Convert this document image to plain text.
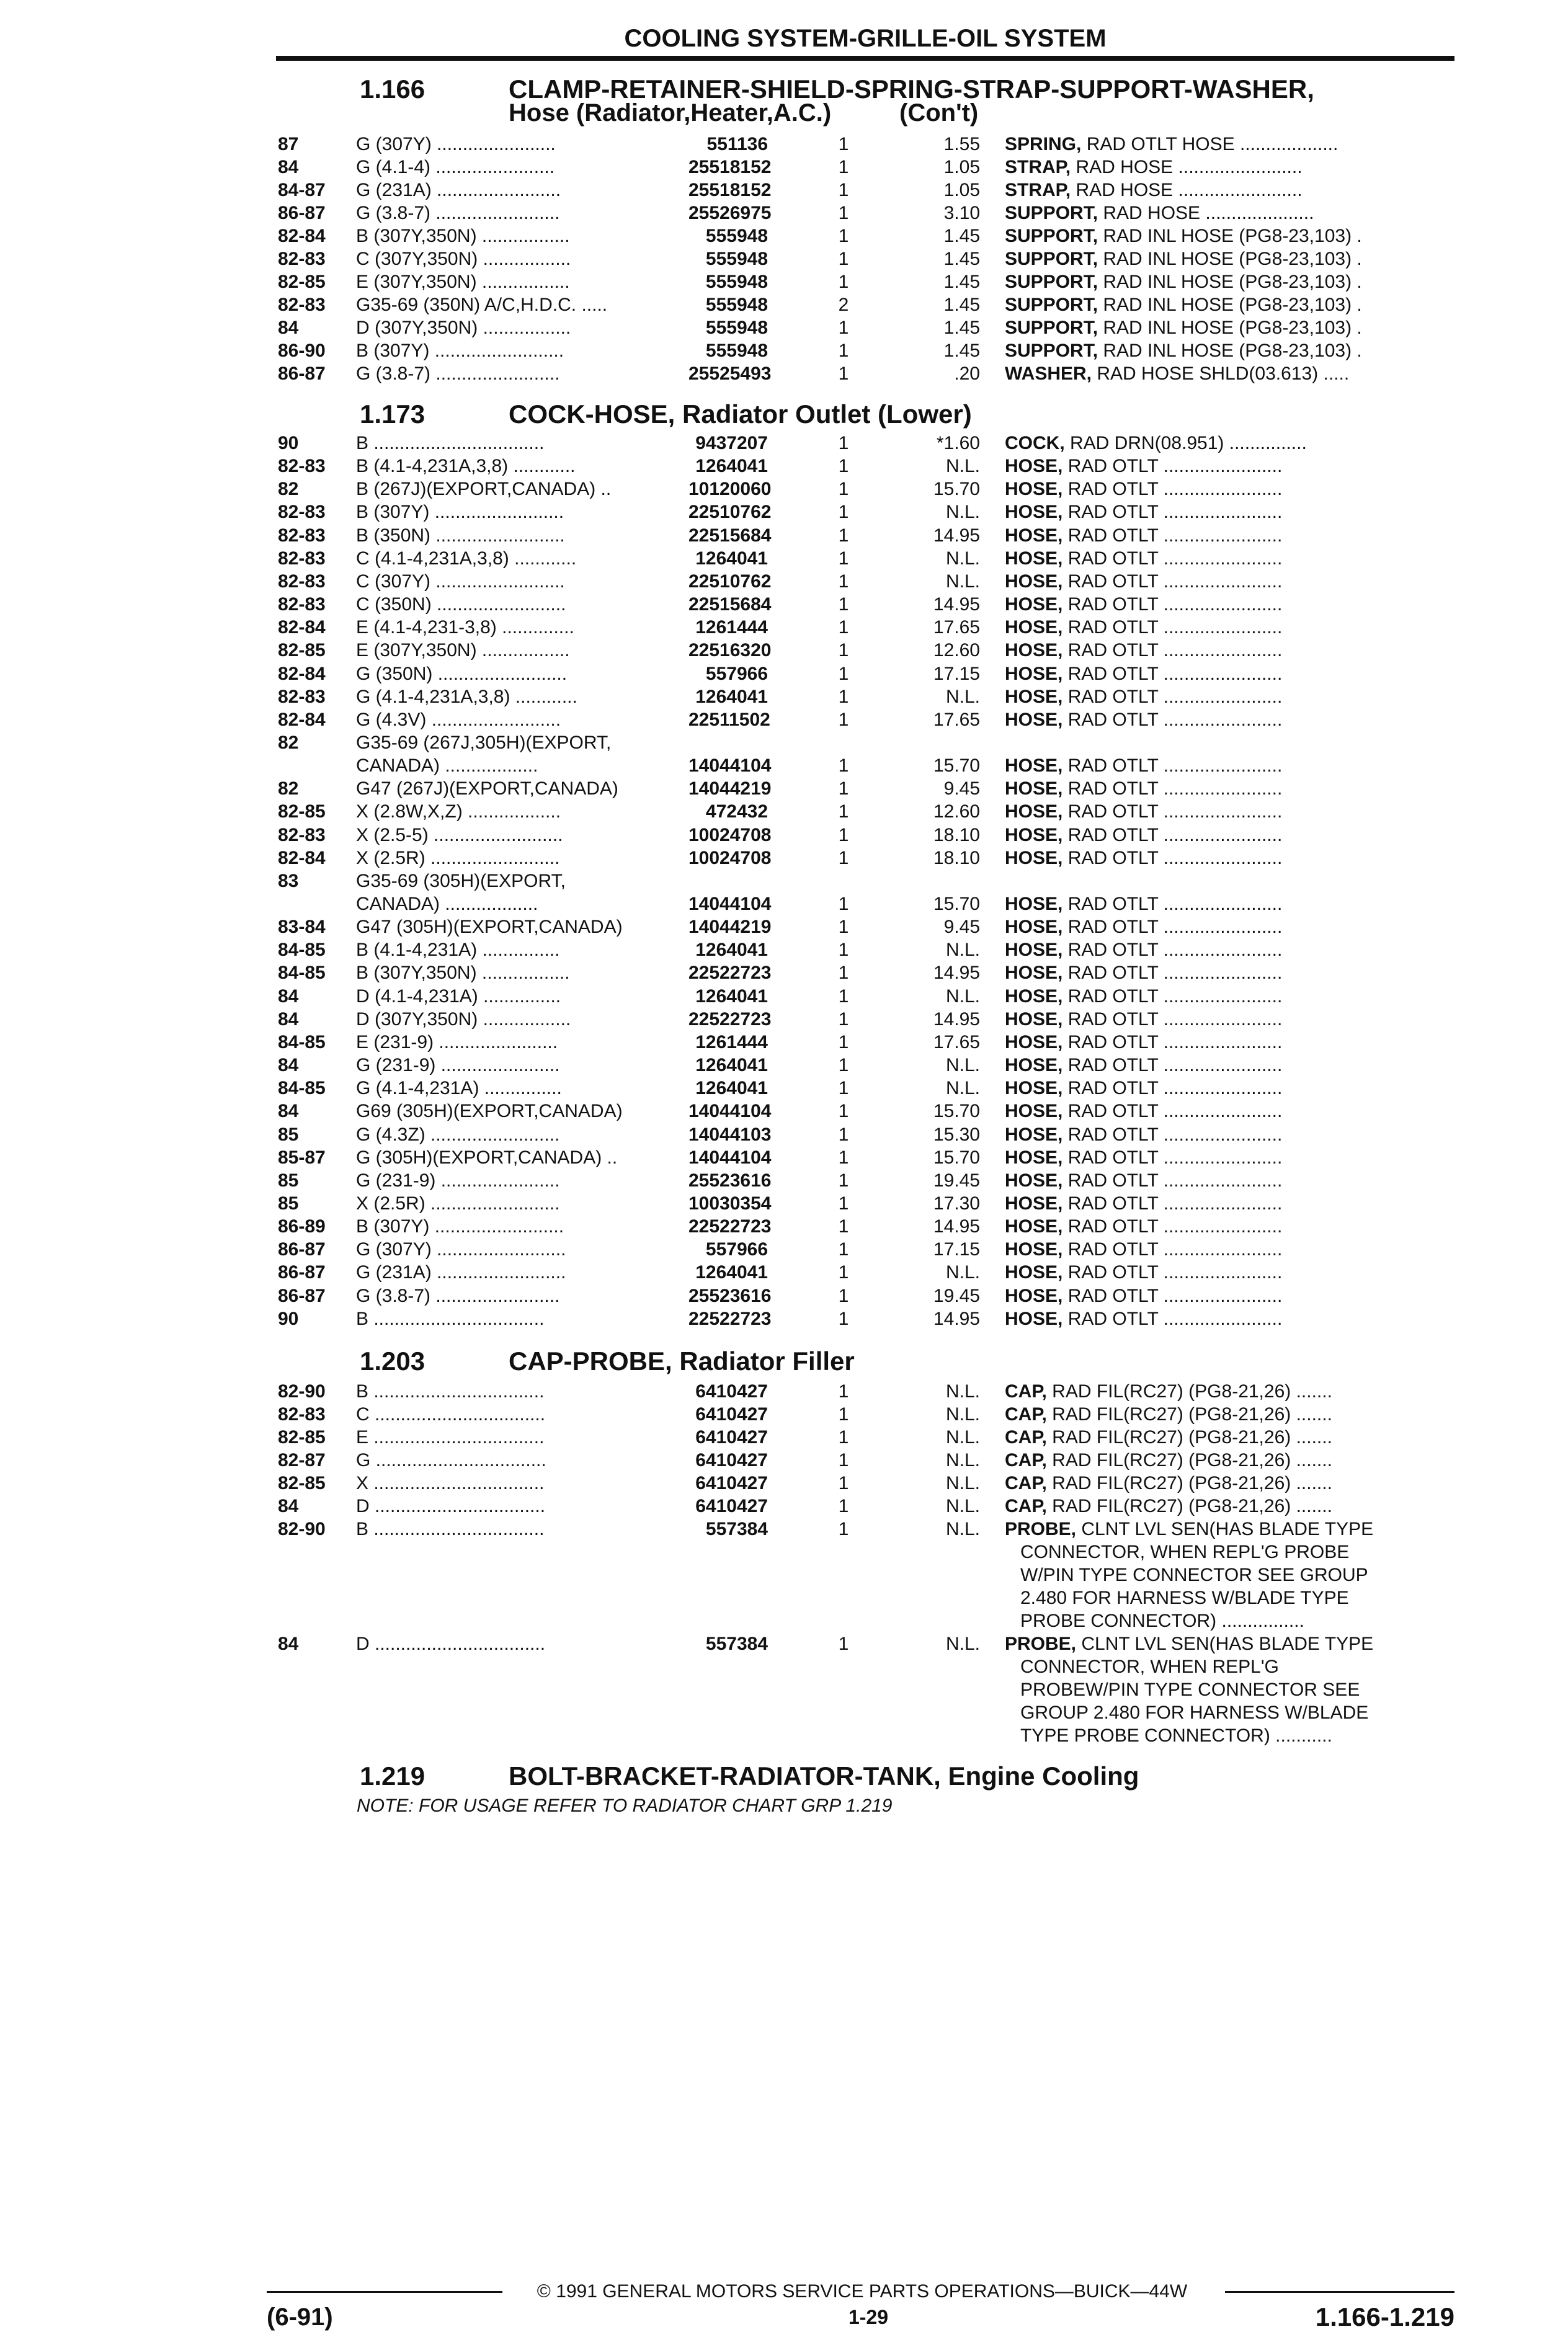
COOLING SYSTEM-GRILLE-OIL SYSTEM
1.166	CLAMP-RETAINER-SHIELD-SPRING-STRAP-SUPPORT-WASHER,
Hose (Radiator,Heater,A.C.)	(Con't)
87	G (307Y) .......................	551136	1	1.55 SPRING, RAD OTLT HOSE ...................
84	G (4.1-4) .......................	25518152	1	1.05 STRAP, RAD HOSE ........................
84-87 G (231A) ........................	25518152	1	1.05 STRAP, RAD HOSE ........................
86-87 G (3.8-7) ........................	25526975	1	3.10 SUPPORT, RAD HOSE .....................
82-84 B (307Y,350N) .................	555948	1	1.45 SUPPORT, RAD INL HOSE (PG8-23,103) .
82-83 C (307Y,350N) .................	555948	1	1.45 SUPPORT, RAD INL HOSE (PG8-23,103) .
82-85 E (307Y,350N) .................	555948	1	1.45 SUPPORT, RAD INL HOSE (PG8-23,103) .
82-83 G35-69 (350N) A/C,H.D.C. .....	555948	2	1.45 SUPPORT, RAD INL HOSE (PG8-23,103) .
84	D (307Y,350N) .................	555948	1	1.45 SUPPORT, RAD INL HOSE (PG8-23,103) .
86-90 B (307Y) .........................	555948	1	1.45 SUPPORT, RAD INL HOSE (PG8-23,103) .
86-87 G (3.8-7) ........................	25525493	1	.20 WASHER, RAD HOSE SHLD(03.613) .....
1.173	COCK-HOSE, Radiator Outlet (Lower)
90	B .................................	9437207	1	*1.60 COCK, RAD DRN(08.951) ...............
82-83 B (4.1-4,231A,3,8) ............	1264041	1	N.L. HOSE, RAD OTLT .......................
82	B (267J)(EXPORT,CANADA) ..	10120060	1	15.70 HOSE, RAD OTLT .......................
82-83 B (307Y) .........................	22510762	1	N.L. HOSE, RAD OTLT .......................
82-83 B (350N) .........................	22515684	1	14.95 HOSE, RAD OTLT .......................
82-83 C (4.1-4,231A,3,8) ............	1264041	1	N.L. HOSE, RAD OTLT .......................
82-83 C (307Y) .........................	22510762	1	N.L. HOSE, RAD OTLT .......................
82-83 C (350N) .........................	22515684	1	14.95 HOSE, RAD OTLT .......................
82-84 E (4.1-4,231-3,8) ..............	1261444	1	17.65 HOSE, RAD OTLT .......................
82-85 E (307Y,350N) .................	22516320	1	12.60 HOSE, RAD OTLT .......................
82-84 G (350N) .........................	557966	1	17.15 HOSE, RAD OTLT .......................
82-83 G (4.1-4,231A,3,8) ............	1264041	1	N.L. HOSE, RAD OTLT .......................
82-84 G (4.3V) .........................	22511502	1	17.65 HOSE, RAD OTLT .......................
82	G35-69 (267J,305H)(EXPORT,
CANADA) ..................	14044104	1	15.70 HOSE, RAD OTLT .......................
82	G47 (267J)(EXPORT,CANADA)	14044219	1	9.45 HOSE, RAD OTLT .......................
82-85 X (2.8W,X,Z) ..................	472432	1	12.60 HOSE, RAD OTLT .......................
82-83 X (2.5-5) .........................	10024708	1	18.10 HOSE, RAD OTLT .......................
82-84 X (2.5R) .........................	10024708	1	18.10 HOSE, RAD OTLT .......................
83	G35-69 (305H)(EXPORT,
CANADA) ..................	14044104	1	15.70 HOSE, RAD OTLT .......................
83-84 G47 (305H)(EXPORT,CANADA)	14044219	1	9.45 HOSE, RAD OTLT .......................
84-85 B (4.1-4,231A) ...............	1264041	1	N.L. HOSE, RAD OTLT .......................
84-85 B (307Y,350N) .................	22522723	1	14.95 HOSE, RAD OTLT .......................
84	D (4.1-4,231A) ...............	1264041	1	N.L. HOSE, RAD OTLT .......................
84	D (307Y,350N) .................	22522723	1	14.95 HOSE, RAD OTLT .......................
84-85 E (231-9) .......................	1261444	1	17.65 HOSE, RAD OTLT .......................
84	G (231-9) .......................	1264041	1	N.L. HOSE, RAD OTLT .......................
84-85 G (4.1-4,231A) ...............	1264041	1	N.L. HOSE, RAD OTLT .......................
84	G69 (305H)(EXPORT,CANADA)	14044104	1	15.70 HOSE, RAD OTLT .......................
85	G (4.3Z) .........................	14044103	1	15.30 HOSE, RAD OTLT .......................
85-87 G (305H)(EXPORT,CANADA) ..	14044104	1	15.70 HOSE, RAD OTLT .......................
85	G (231-9) .......................	25523616	1	19.45 HOSE, RAD OTLT .......................
85	X (2.5R) .........................	10030354	1	17.30 HOSE, RAD OTLT .......................
86-89 B (307Y) .........................	22522723	1	14.95 HOSE, RAD OTLT .......................
86-87 G (307Y) .........................	557966	1	17.15 HOSE, RAD OTLT .......................
86-87 G (231A) .........................	1264041	1	N.L. HOSE, RAD OTLT .......................
86-87 G (3.8-7) ........................	25523616	1	19.45 HOSE, RAD OTLT .......................
90	B .................................	22522723	1	14.95 HOSE, RAD OTLT .......................
1.203	CAP-PROBE, Radiator Filler
82-90 B .................................	6410427	1	N.L. CAP, RAD FIL(RC27) (PG8-21,26) .......
82-83 C .................................	6410427	1	N.L. CAP, RAD FIL(RC27) (PG8-21,26) .......
82-85 E .................................	6410427	1	N.L. CAP, RAD FIL(RC27) (PG8-21,26) .......
82-87 G .................................	6410427	1	N.L. CAP, RAD FIL(RC27) (PG8-21,26) .......
82-85 X .................................	6410427	1	N.L. CAP, RAD FIL(RC27) (PG8-21,26) .......
84	D .................................	6410427	1	N.L. CAP, RAD FIL(RC27) (PG8-21,26) .......
82-90 B .................................	557384	1	N.L. PROBE, CLNT LVL SEN(HAS BLADE TYPE
CONNECTOR, WHEN REPL'G PROBE
W/PIN TYPE CONNECTOR SEE GROUP
2.480 FOR HARNESS W/BLADE TYPE
PROBE CONNECTOR) ................
84	D .................................	557384	1	N.L. PROBE, CLNT LVL SEN(HAS BLADE TYPE
CONNECTOR, WHEN REPL'G
PROBEW/PIN TYPE CONNECTOR SEE
GROUP 2.480 FOR HARNESS W/BLADE
TYPE PROBE CONNECTOR) ...........
1.219	BOLT-BRACKET-RADIATOR-TANK, Engine Cooling
NOTE: FOR USAGE REFER TO RADIATOR CHART GRP 1.219
© 1991 GENERAL MOTORS SERVICE PARTS OPERATIONS—BUICK—44W
(6-91)	1-29	1.166-1.219
